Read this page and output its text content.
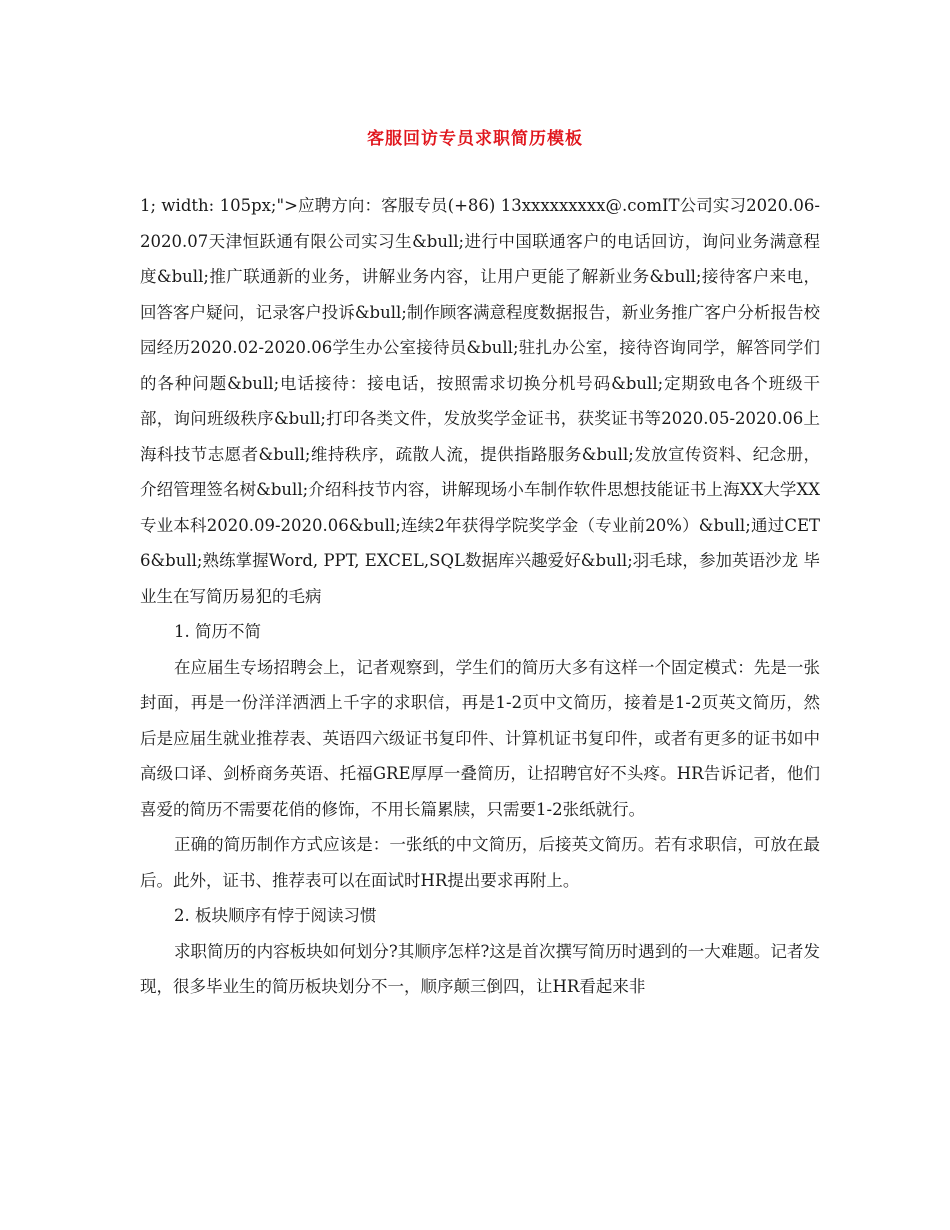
客服回访专员求职简历模板

1; width: 105px;">应聘方向：客服专员(+86) 13xxxxxxxxx@.comIT公司实习2020.06-2020.07天津恒跃通有限公司实习生&bull;进行中国联通客户的电话回访，询问业务满意程度&bull;推广联通新的业务，讲解业务内容，让用户更能了解新业务&bull;接待客户来电，回答客户疑问，记录客户投诉&bull;制作顾客满意程度数据报告，新业务推广客户分析报告校园经历2020.02-2020.06学生办公室接待员&bull;驻扎办公室，接待咨询同学，解答同学们的各种问题&bull;电话接待：接电话，按照需求切换分机号码&bull;定期致电各个班级干部，询问班级秩序&bull;打印各类文件，发放奖学金证书，获奖证书等2020.05-2020.06上海科技节志愿者&bull;维持秩序，疏散人流，提供指路服务&bull;发放宣传资料、纪念册，介绍管理签名树&bull;介绍科技节内容，讲解现场小车制作软件思想技能证书上海XX大学XX专业本科2020.09-2020.06&bull;连续2年获得学院奖学金（专业前20%）&bull;通过CET6&bull;熟练掌握Word, PPT, EXCEL,SQL数据库兴趣爱好&bull;羽毛球，参加英语沙龙 毕业生在写简历易犯的毛病

1. 简历不简

在应届生专场招聘会上，记者观察到，学生们的简历大多有这样一个固定模式：先是一张封面，再是一份洋洋洒洒上千字的求职信，再是1-2页中文简历，接着是1-2页英文简历，然后是应届生就业推荐表、英语四六级证书复印件、计算机证书复印件，或者有更多的证书如中高级口译、剑桥商务英语、托福GRE厚厚一叠简历，让招聘官好不头疼。HR告诉记者，他们喜爱的简历不需要花俏的修饰，不用长篇累牍，只需要1-2张纸就行。

正确的简历制作方式应该是：一张纸的中文简历，后接英文简历。若有求职信，可放在最后。此外，证书、推荐表可以在面试时HR提出要求再附上。

2. 板块顺序有悖于阅读习惯

求职简历的内容板块如何划分?其顺序怎样?这是首次撰写简历时遇到的一大难题。记者发现，很多毕业生的简历板块划分不一，顺序颠三倒四，让HR看起来非
